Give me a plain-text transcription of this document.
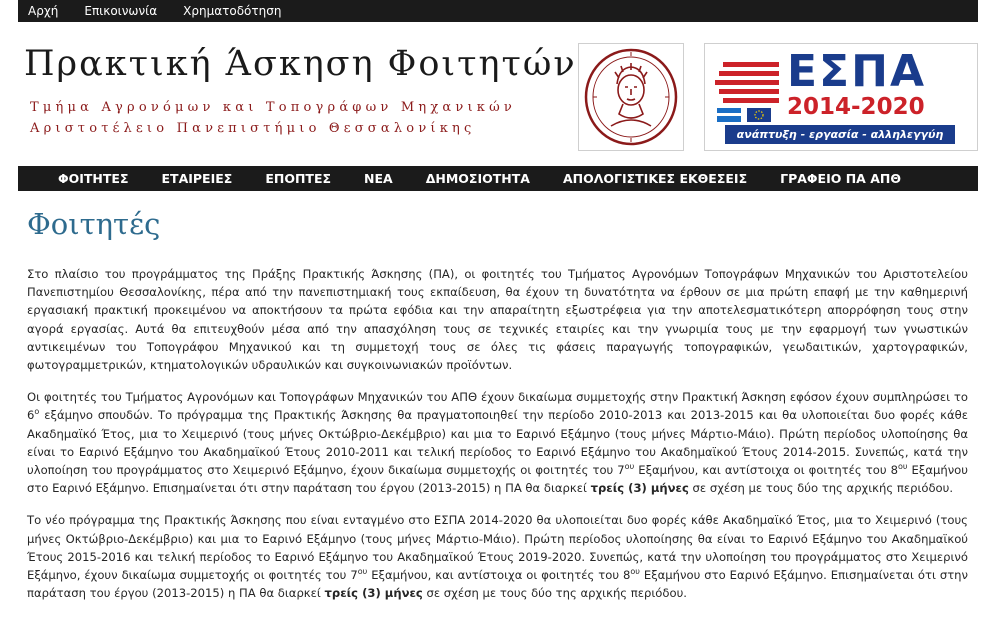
Αρχή Επικοινωνία Χρηματοδότηση
Πρακτική Άσκηση Φοιτητών
Τμήμα Αγρονόμων και Τοπογράφων Μηχανικών
Αριστοτέλειο Πανεπιστήμιο Θεσσαλονίκης
ΕΣΠΑ
2014-2020
ανάπτυξη - εργασία - αλληλεγγύη
ΦΟΙΤΗΤΕΣ	ΕΤΑΙΡΕΙΕΣ	ΕΠΟΠΤΕΣ	ΝΕΑ	ΔΗΜΟΣΙΟΤΗΤΑ	ΑΠΟΛΟΓΙΣΤΙΚΕΣ ΕΚΘΕΣΕΙΣ	ΓΡΑΦΕΙΟ ΠΑ ΑΠΘ
Φοιτητές

Στο πλαίσιο του προγράμματος της Πράξης Πρακτικής Άσκησης (ΠΑ), οι φοιτητές του Τμήματος Αγρονόμων Τοπογράφων Μηχανικών του Αριστοτελείου Πανεπιστημίου Θεσσαλονίκης, πέρα από την πανεπιστημιακή τους εκπαίδευση, θα έχουν τη δυνατότητα να έρθουν σε μια πρώτη επαφή με την καθημερινή εργασιακή πρακτική προκειμένου να αποκτήσουν τα πρώτα εφόδια και την απαραίτητη εξωστρέφεια για την αποτελεσματικότερη απορρόφηση τους στην αγορά εργασίας. Αυτά θα επιτευχθούν μέσα από την απασχόληση τους σε τεχνικές εταιρίες και την γνωριμία τους με την εφαρμογή των γνωστικών αντικειμένων του Τοπογράφου Μηχανικού και τη συμμετοχή τους σε όλες τις φάσεις παραγωγής τοπογραφικών, γεωδαιτικών, χαρτογραφικών, φωτογραμμετρικών, κτηματολογικών υδραυλικών και συγκοινωνιακών προϊόντων.

Οι φοιτητές του Τμήματος Αγρονόμων και Τοπογράφων Μηχανικών του ΑΠΘ έχουν δικαίωμα συμμετοχής στην Πρακτική Άσκηση εφόσον έχουν συμπληρώσει το $6^o$ εξάμηνο σπουδών. Το πρόγραμμα της Πρακτικής Άσκησης θα πραγματοποιηθεί την περίοδο 2010-2013 και 2013-2015 και θα υλοποιείται δυο φορές κάθε Ακαδημαϊκό Έτος, μια το Χειμερινό (τους μήνες Οκτώβριο-Δεκέμβριο) και μια το Εαρινό Εξάμηνο (τους μήνες Μάρτιο-Μάιο). Πρώτη περίοδος υλοποίησης θα είναι το Εαρινό Εξάμηνο του Ακαδημαϊκού Έτους 2010-2011 και τελική περίοδος το Εαρινό Εξάμηνο του Ακαδημαϊκού Έτους 2014-2015. Συνεπώς, κατά την υλοποίηση του προγράμματος στο Χειμερινό Εξάμηνο, έχουν δικαίωμα συμμετοχής οι φοιτητές του $7^{o\upsilon}$ Εξαμήνου, και αντίστοιχα οι φοιτητές του $8^{o\upsilon}$ Εξαμήνου στο Εαρινό Εξάμηνο. Επισημαίνεται ότι στην παράταση του έργου (2013-2015) η ΠΑ θα διαρκεί τρείς (3) μήνες σε σχέση με τους δύο της αρχικής περιόδου.

Το νέο πρόγραμμα της Πρακτικής Άσκησης που είναι ενταγμένο στο ΕΣΠΑ 2014-2020 θα υλοποιείται δυο φορές κάθε Ακαδημαϊκό Έτος, μια το Χειμερινό (τους μήνες Οκτώβριο-Δεκέμβριο) και μια το Εαρινό Εξάμηνο (τους μήνες Μάρτιο-Μάιο). Πρώτη περίοδος υλοποίησης θα είναι το Εαρινό Εξάμηνο του Ακαδημαϊκού Έτους 2015-2016 και τελική περίοδος το Εαρινό Εξάμηνο του Ακαδημαϊκού Έτους 2019-2020. Συνεπώς, κατά την υλοποίηση του προγράμματος στο Χειμερινό Εξάμηνο, έχουν δικαίωμα συμμετοχής οι φοιτητές του $7^{o\upsilon}$ Εξαμήνου, και αντίστοιχα οι φοιτητές του $8^{o\upsilon}$ Εξαμήνου στο Εαρινό Εξάμηνο. Επισημαίνεται ότι στην παράταση του έργου (2013-2015) η ΠΑ θα διαρκεί τρείς (3) μήνες σε σχέση με τους δύο της αρχικής περιόδου.
